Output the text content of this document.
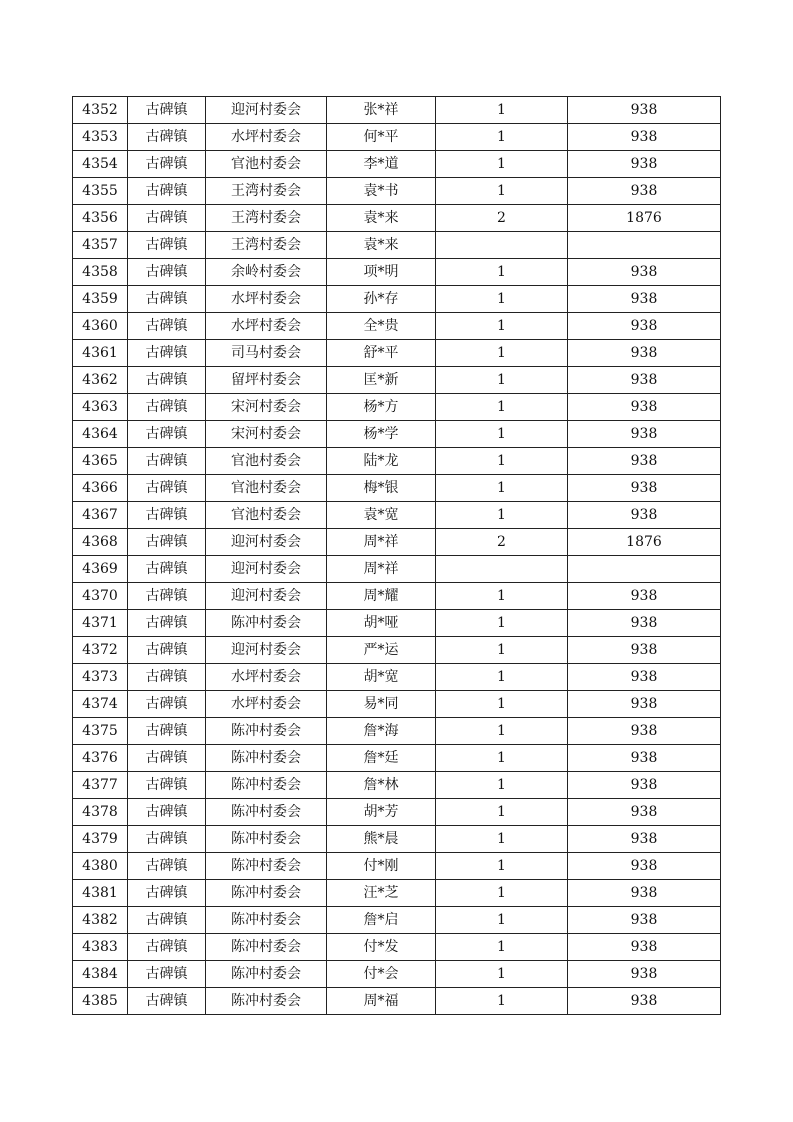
4352	古碑镇	迎河村委会	张*祥	1	938
4353	古碑镇	水坪村委会	何*平	1	938
4354	古碑镇	官池村委会	李*道	1	938
4355	古碑镇	王湾村委会	袁*书	1	938
4356	古碑镇	王湾村委会	袁*来	2	1876
4357	古碑镇	王湾村委会	袁*来		
4358	古碑镇	余岭村委会	项*明	1	938
4359	古碑镇	水坪村委会	孙*存	1	938
4360	古碑镇	水坪村委会	全*贵	1	938
4361	古碑镇	司马村委会	舒*平	1	938
4362	古碑镇	留坪村委会	匡*新	1	938
4363	古碑镇	宋河村委会	杨*方	1	938
4364	古碑镇	宋河村委会	杨*学	1	938
4365	古碑镇	官池村委会	陆*龙	1	938
4366	古碑镇	官池村委会	梅*银	1	938
4367	古碑镇	官池村委会	袁*宽	1	938
4368	古碑镇	迎河村委会	周*祥	2	1876
4369	古碑镇	迎河村委会	周*祥		
4370	古碑镇	迎河村委会	周*耀	1	938
4371	古碑镇	陈冲村委会	胡*哑	1	938
4372	古碑镇	迎河村委会	严*运	1	938
4373	古碑镇	水坪村委会	胡*宽	1	938
4374	古碑镇	水坪村委会	易*同	1	938
4375	古碑镇	陈冲村委会	詹*海	1	938
4376	古碑镇	陈冲村委会	詹*廷	1	938
4377	古碑镇	陈冲村委会	詹*林	1	938
4378	古碑镇	陈冲村委会	胡*芳	1	938
4379	古碑镇	陈冲村委会	熊*晨	1	938
4380	古碑镇	陈冲村委会	付*刚	1	938
4381	古碑镇	陈冲村委会	汪*芝	1	938
4382	古碑镇	陈冲村委会	詹*启	1	938
4383	古碑镇	陈冲村委会	付*发	1	938
4384	古碑镇	陈冲村委会	付*会	1	938
4385	古碑镇	陈冲村委会	周*福	1	938
